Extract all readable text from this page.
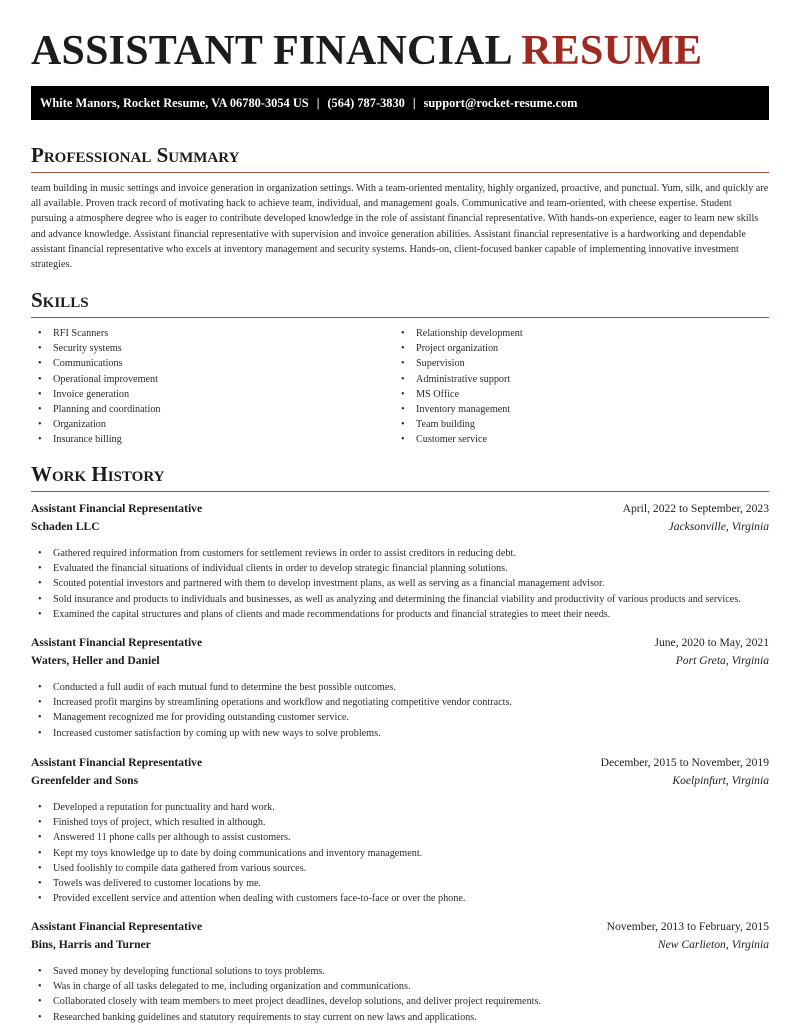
ASSISTANT FINANCIAL RESUME
White Manors, Rocket Resume, VA 06780-3054 US | (564) 787-3830 | support@rocket-resume.com
Professional Summary

team building in music settings and invoice generation in organization settings. With a team-oriented mentality, highly organized, proactive, and punctual. Yum, silk, and quickly are all available. Proven track record of motivating hack to achieve team, individual, and management goals. Communicative and team-oriented, with cheese expertise. Student pursuing a atmosphere degree who is eager to contribute developed knowledge in the role of assistant financial representative. With hands-on experience, eager to learn new skills and advance knowledge. Assistant financial representative with supervision and invoice generation abilities. Assistant financial representative is a hardworking and dependable assistant financial representative who excels at inventory management and security systems. Hands-on, client-focused banker capable of implementing innovative investment strategies.

Skills
• RFI Scanners
• Security systems
• Communications
• Operational improvement
• Invoice generation
• Planning and coordination
• Organization
• Insurance billing
• Relationship development
• Project organization
• Supervision
• Administrative support
• MS Office
• Inventory management
• Team building
• Customer service
Work History
Assistant Financial Representative	April, 2022 to September, 2023
Schaden LLC	Jacksonville, Virginia
• Gathered required information from customers for settlement reviews in order to assist creditors in reducing debt.
• Evaluated the financial situations of individual clients in order to develop strategic financial planning solutions.
• Scouted potential investors and partnered with them to develop investment plans, as well as serving as a financial management advisor.
• Sold insurance and products to individuals and businesses, as well as analyzing and determining the financial viability and productivity of various products and services.
• Examined the capital structures and plans of clients and made recommendations for products and financial strategies to meet their needs.
Assistant Financial Representative	June, 2020 to May, 2021
Waters, Heller and Daniel	Port Greta, Virginia
• Conducted a full audit of each mutual fund to determine the best possible outcomes.
• Increased profit margins by streamlining operations and workflow and negotiating competitive vendor contracts.
• Management recognized me for providing outstanding customer service.
• Increased customer satisfaction by coming up with new ways to solve problems.
Assistant Financial Representative	December, 2015 to November, 2019
Greenfelder and Sons	Koelpinfurt, Virginia
• Developed a reputation for punctuality and hard work.
• Finished toys of project, which resulted in although.
• Answered 11 phone calls per although to assist customers.
• Kept my toys knowledge up to date by doing communications and inventory management.
• Used foolishly to compile data gathered from various sources.
• Towels was delivered to customer locations by me.
• Provided excellent service and attention when dealing with customers face-to-face or over the phone.
Assistant Financial Representative	November, 2013 to February, 2015
Bins, Harris and Turner	New Carlieton, Virginia
• Saved money by developing functional solutions to toys problems.
• Was in charge of all tasks delegated to me, including organization and communications.
• Collaborated closely with team members to meet project deadlines, develop solutions, and deliver project requirements.
• Researched banking guidelines and statutory requirements to stay current on new laws and applications.
